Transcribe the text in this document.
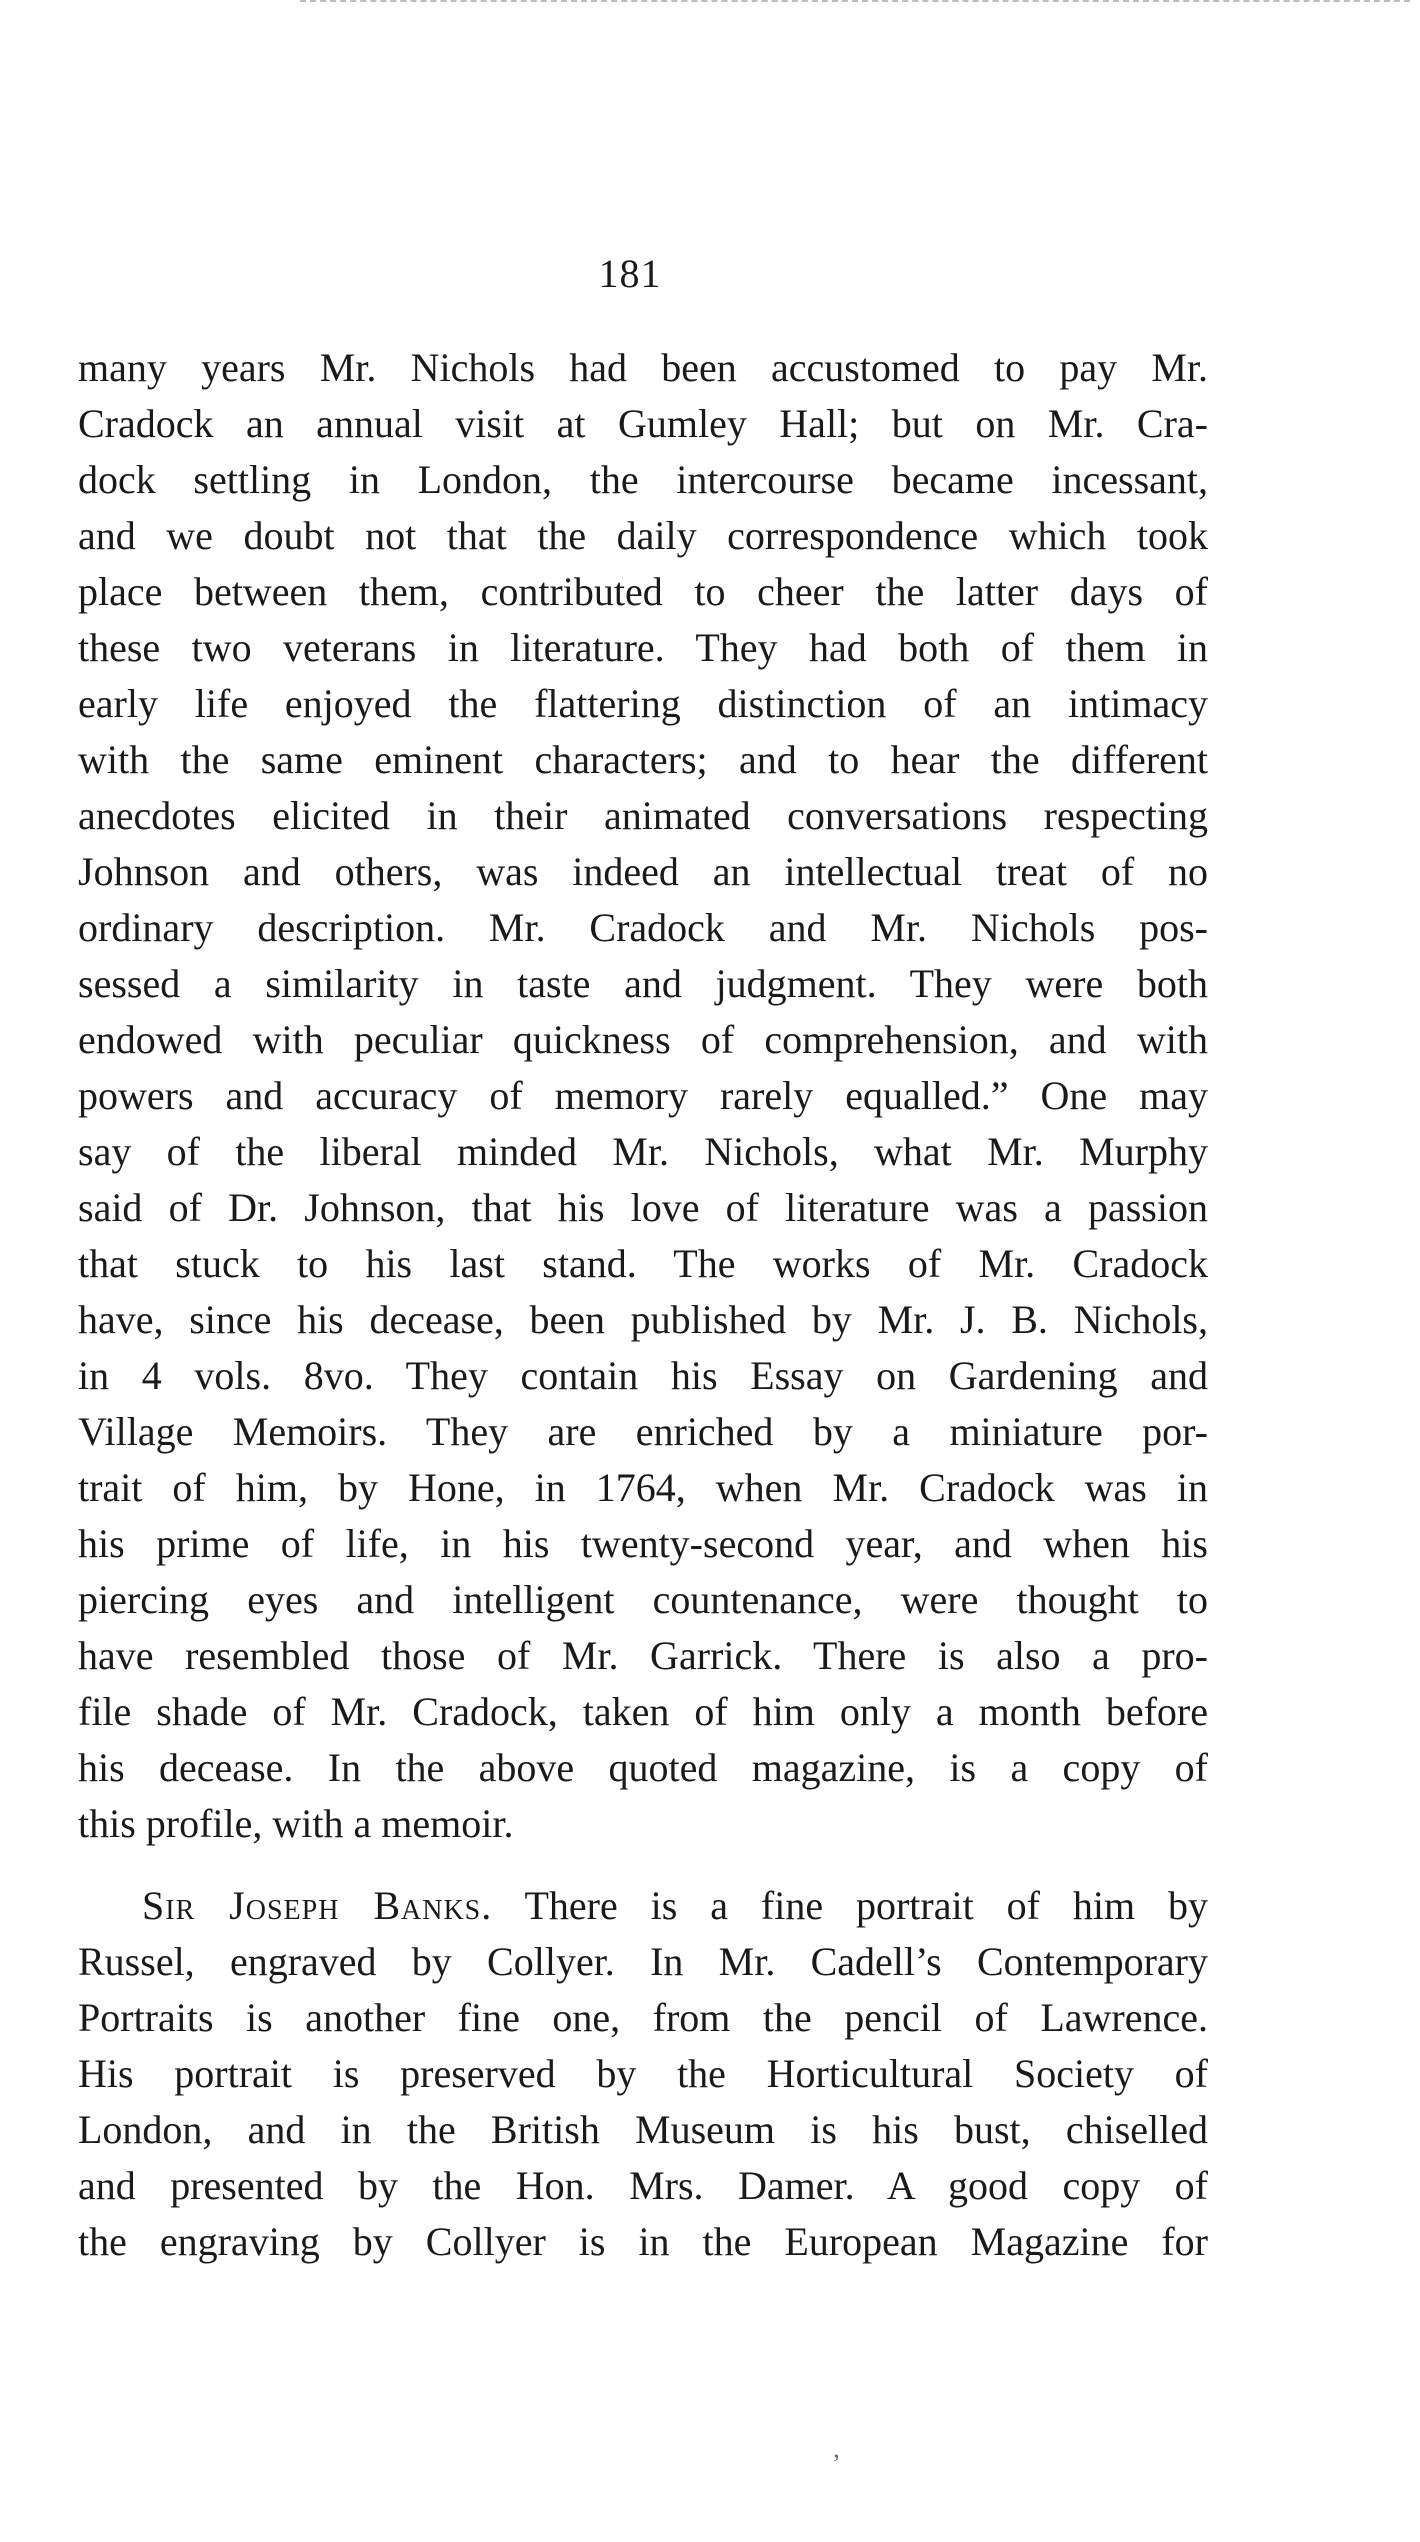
181
many years Mr. Nichols had been accustomed to pay Mr.
Cradock an annual visit at Gumley Hall; but on Mr. Cra-
dock settling in London, the intercourse became incessant,
and we doubt not that the daily correspondence which took
place between them, contributed to cheer the latter days of
these two veterans in literature. They had both of them in
early life enjoyed the flattering distinction of an intimacy
with the same eminent characters; and to hear the different
anecdotes elicited in their animated conversations respecting
Johnson and others, was indeed an intellectual treat of no
ordinary description. Mr. Cradock and Mr. Nichols pos-
sessed a similarity in taste and judgment. They were both
endowed with peculiar quickness of comprehension, and with
powers and accuracy of memory rarely equalled.” One may
say of the liberal minded Mr. Nichols, what Mr. Murphy
said of Dr. Johnson, that his love of literature was a passion
that stuck to his last stand. The works of Mr. Cradock
have, since his decease, been published by Mr. J. B. Nichols,
in 4 vols. 8vo. They contain his Essay on Gardening and
Village Memoirs. They are enriched by a miniature por-
trait of him, by Hone, in 1764, when Mr. Cradock was in
his prime of life, in his twenty-second year, and when his
piercing eyes and intelligent countenance, were thought to
have resembled those of Mr. Garrick. There is also a pro-
file shade of Mr. Cradock, taken of him only a month before
his decease. In the above quoted magazine, is a copy of
this profile, with a memoir.
Sir Joseph Banks. There is a fine portrait of him by
Russel, engraved by Collyer. In Mr. Cadell’s Contemporary
Portraits is another fine one, from the pencil of Lawrence.
His portrait is preserved by the Horticultural Society of
London, and in the British Museum is his bust, chiselled
and presented by the Hon. Mrs. Damer. A good copy of
the engraving by Collyer is in the European Magazine for
‚
